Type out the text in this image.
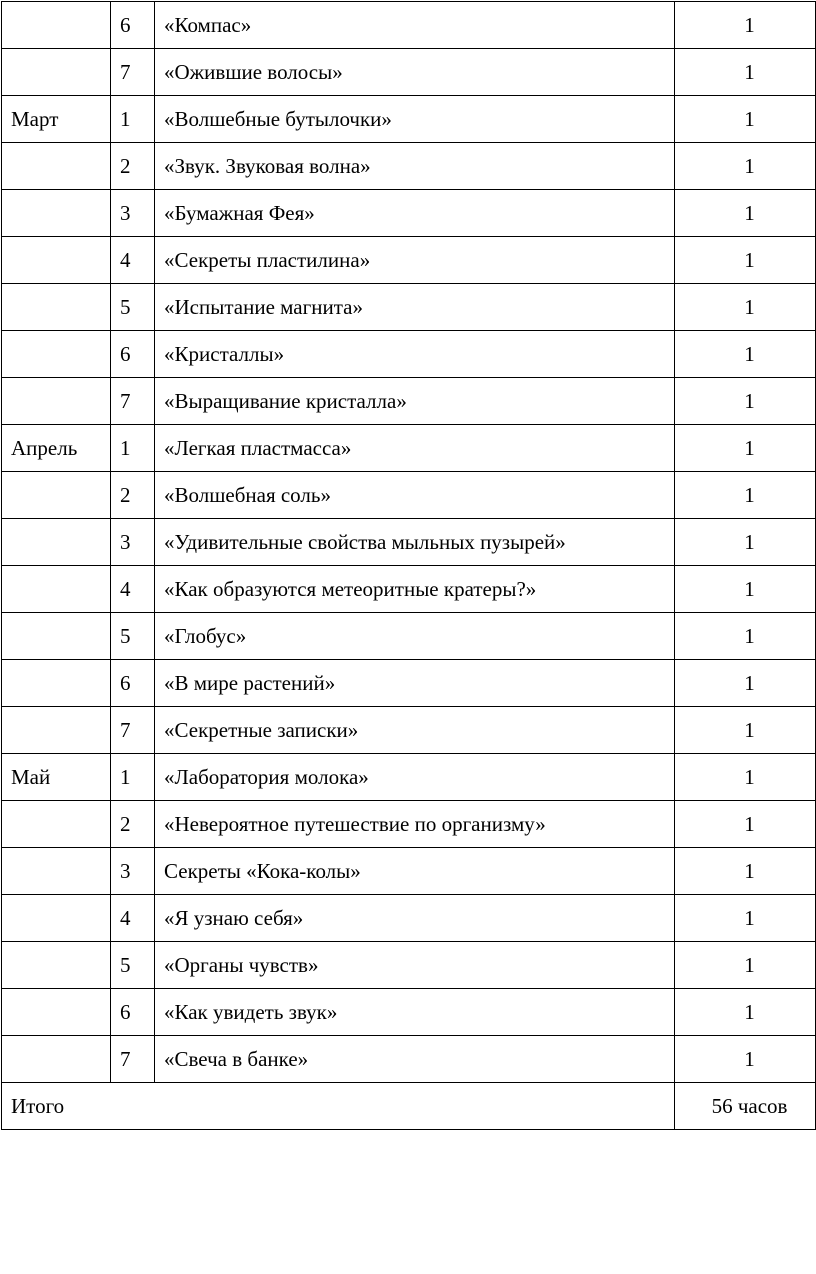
	6	«Компас»	1
	7	«Ожившие волосы»	1
Март	1	«Волшебные бутылочки»	1
	2	«Звук. Звуковая волна»	1
	3	«Бумажная Фея»	1
	4	«Секреты пластилина»	1
	5	«Испытание магнита»	1
	6	«Кристаллы»	1
	7	«Выращивание кристалла»	1
Апрель	1	«Легкая пластмасса»	1
	2	«Волшебная соль»	1
	3	«Удивительные свойства мыльных пузырей»	1
	4	«Как образуются метеоритные кратеры?»	1
	5	«Глобус»	1
	6	«В мире растений»	1
	7	«Секретные записки»	1
Май	1	«Лаборатория молока»	1
	2	«Невероятное путешествие по организму»	1
	3	Секреты «Кока-колы»	1
	4	«Я узнаю себя»	1
	5	«Органы чувств»	1
	6	«Как увидеть звук»	1
	7	«Свеча в банке»	1
Итого			56 часов
